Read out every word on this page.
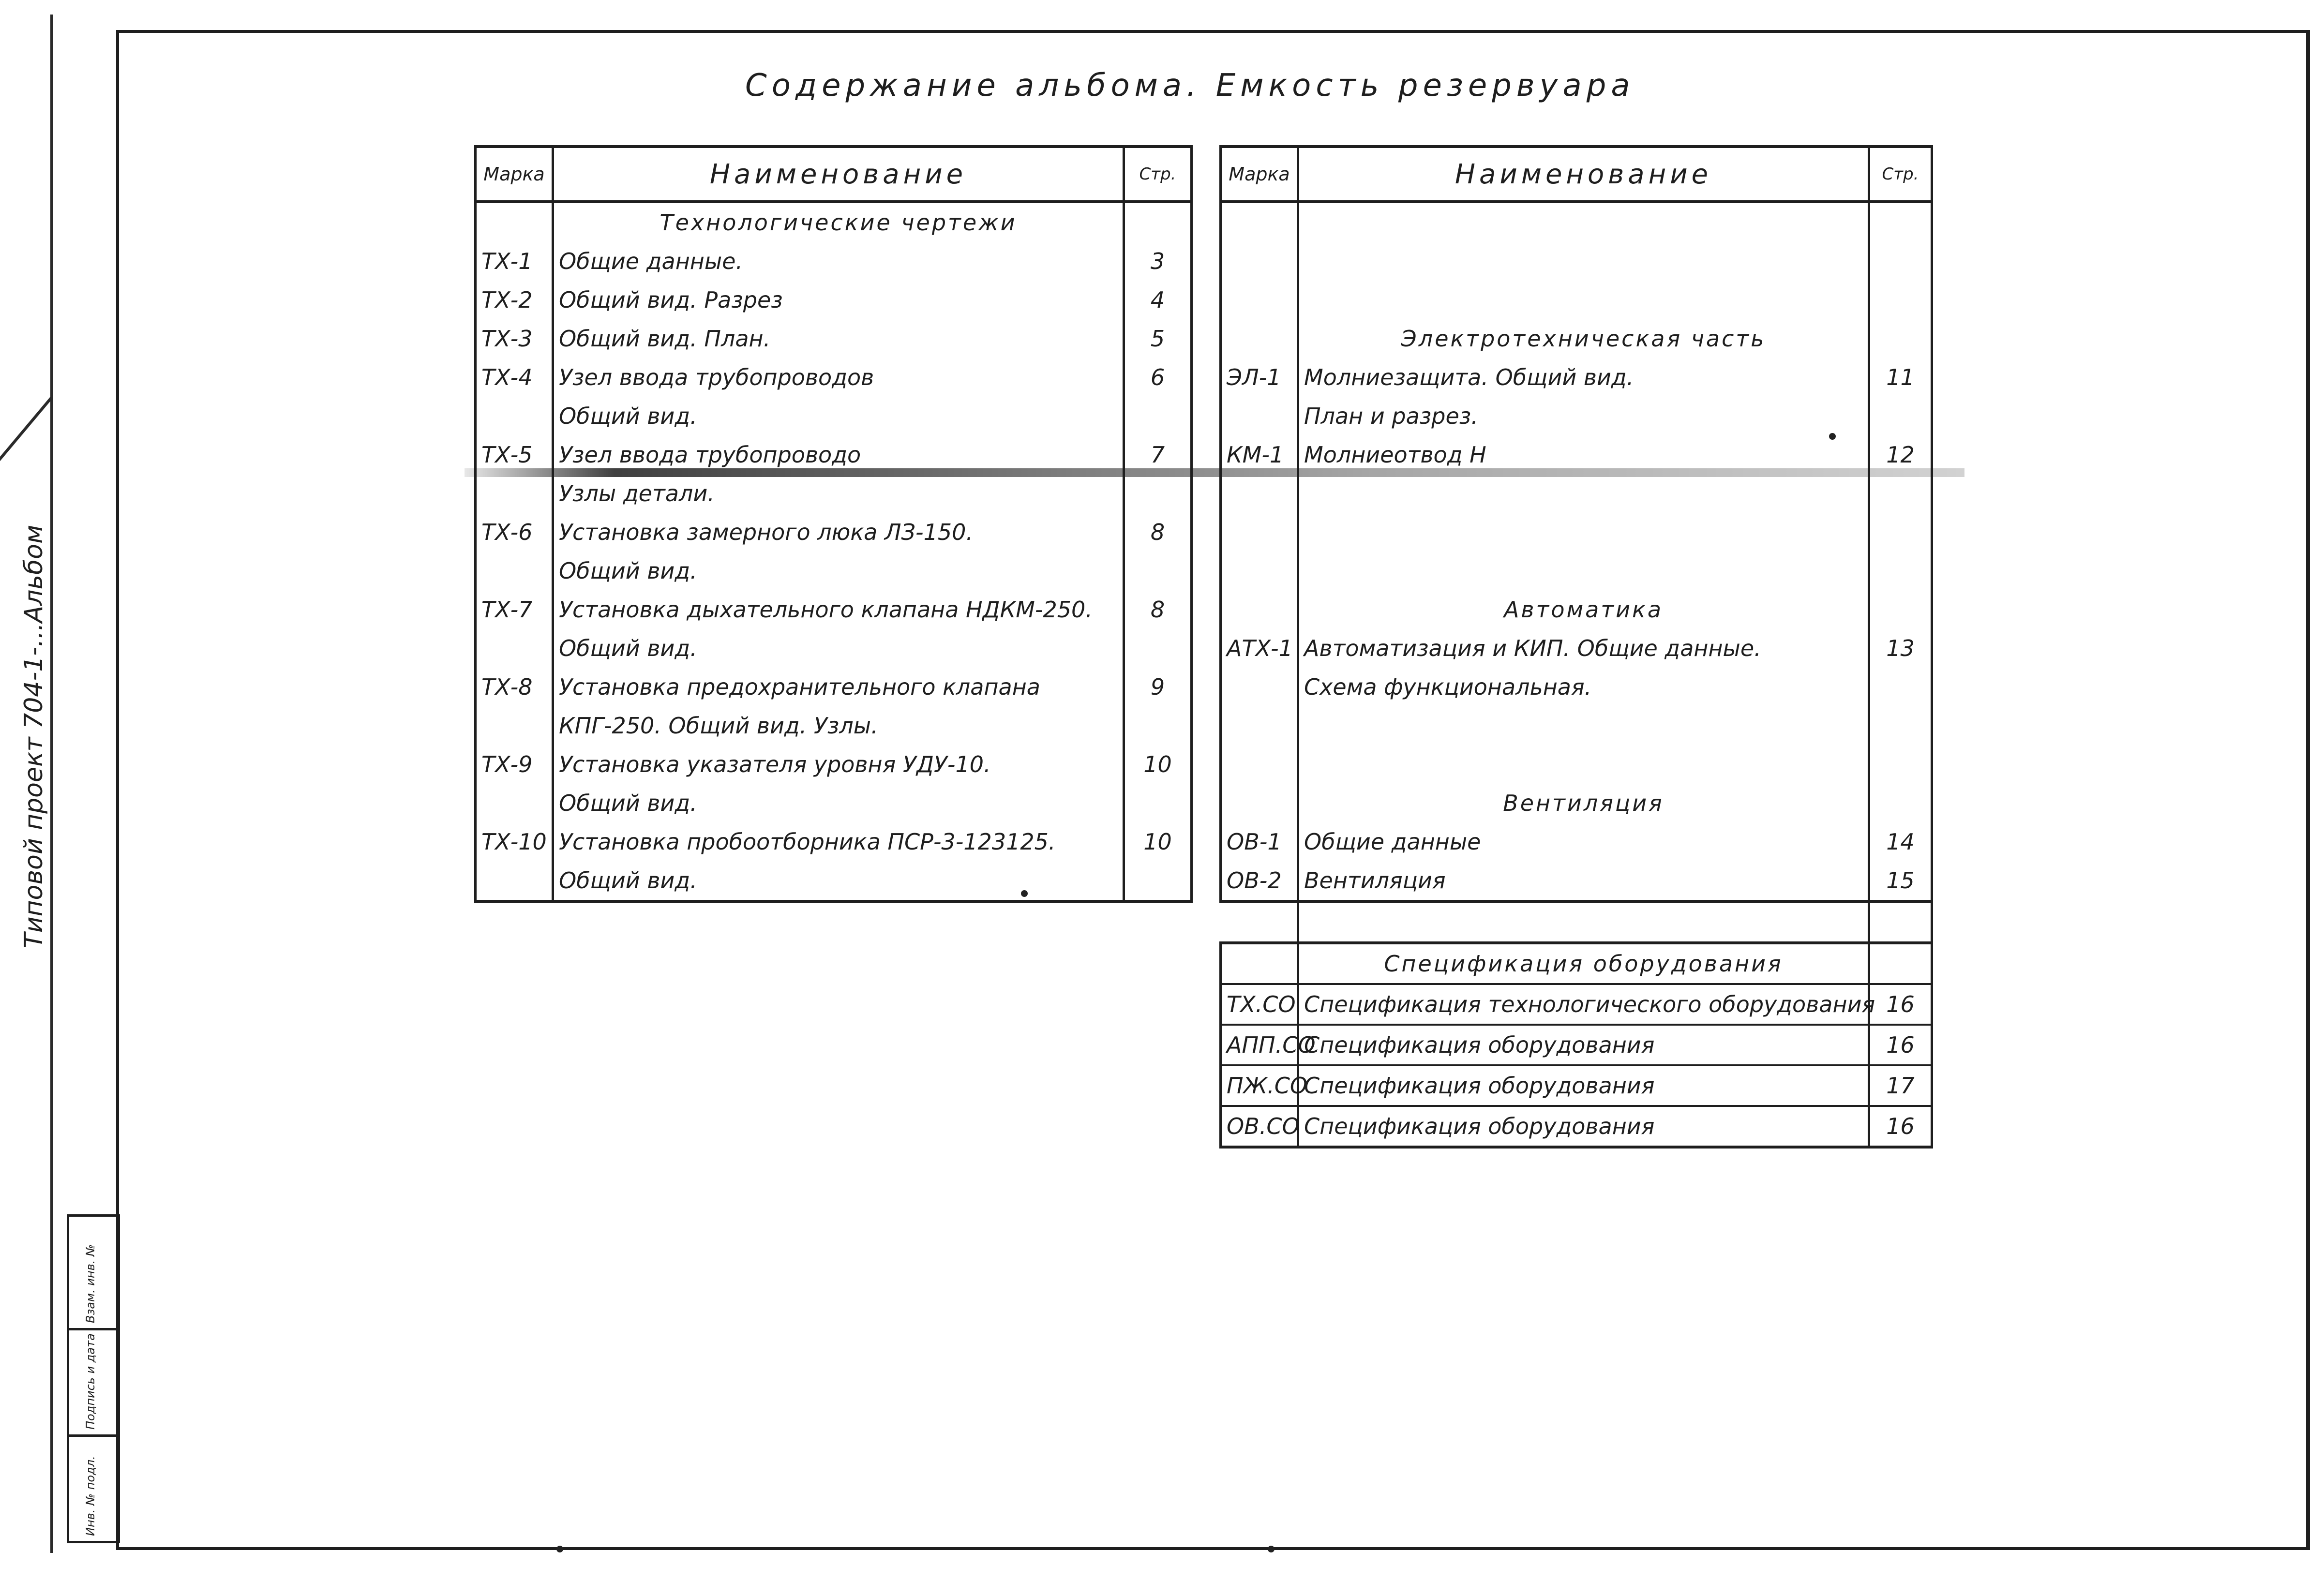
Типовой проект 704-1-...Альбом
Инв. № подл.
Подпись и дата
Взам. инв. №
Содержание альбома. Емкость резервуара
Марка	Наименование	Стр.
	Технологические чертежи	
ТХ-1	Общие данные.	3
ТХ-2	Общий вид. Разрез	4
ТХ-3	Общий вид. План.	5
ТХ-4	Узел ввода трубопроводов	6
	Общий вид.	
ТХ-5	Узел ввода трубопроводо	7
	Узлы детали.	
ТХ-6	Установка замерного люка ЛЗ-150.	8
	Общий вид.	
ТХ-7	Установка дыхательного клапана НДКМ-250.	8
	Общий вид.	
ТХ-8	Установка предохранительного клапана	9
	КПГ-250. Общий вид. Узлы.	
ТХ-9	Установка указателя уровня УДУ-10.	10
	Общий вид.	
ТХ-10	Установка пробоотборника ПСР-3-123125.	10
	Общий вид.	
Марка	Наименование	Стр.

	Электротехническая часть	
ЭЛ-1	Молниезащита. Общий вид.	11
	План и разрез.	
КМ-1	Молниеотвод Н	12

	Автоматика	
АТХ-1	Автоматизация и КИП. Общие данные.	13
	Схема функциональная.	

	Вентиляция	
ОВ-1	Общие данные	14
ОВ-2	Вентиляция	15

	Спецификация оборудования	
ТХ.СО	Спецификация технологического оборудования	16
АПП.СО	Спецификация оборудования	16
ПЖ.СО	Спецификация оборудования	17
ОВ.СО	Спецификация оборудования	16
